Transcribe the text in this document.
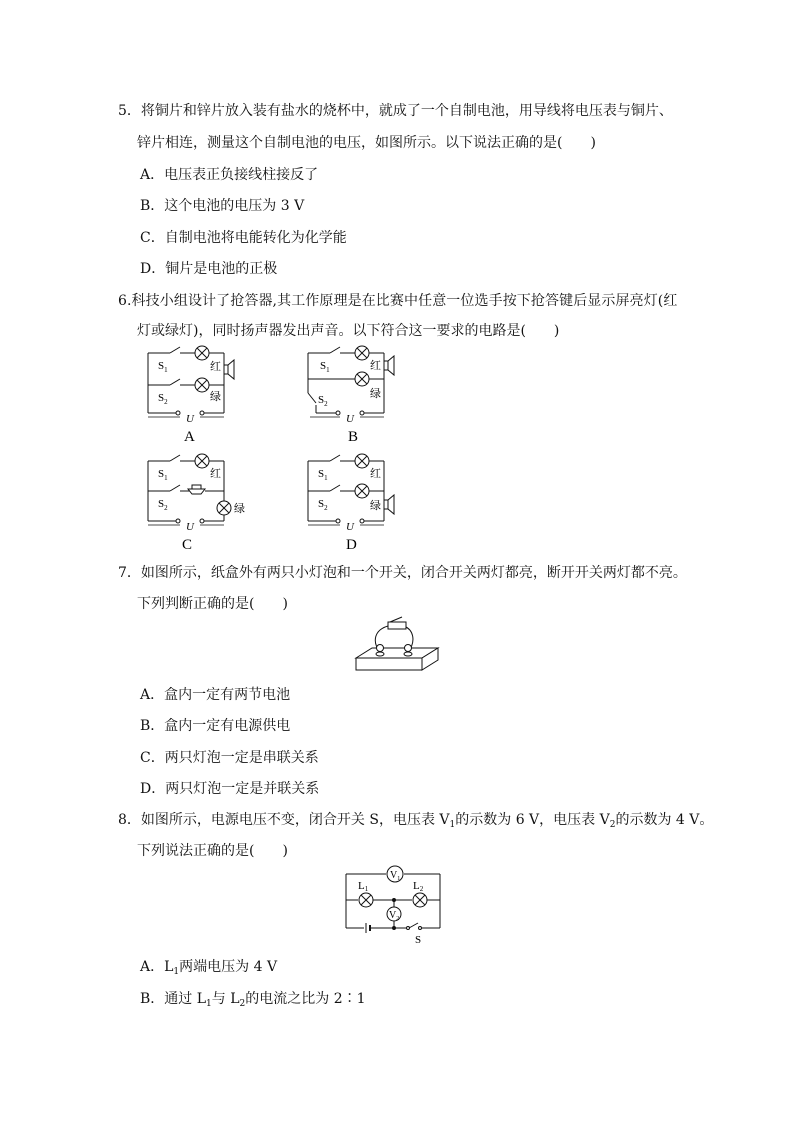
5．将铜片和锌片放入装有盐水的烧杯中，就成了一个自制电池，用导线将电压表与铜片、
锌片相连，测量这个自制电池的电压，如图所示。以下说法正确的是(　　)
A．电压表正负接线柱接反了
B．这个电池的电压为 3 V
C．自制电池将电能转化为化学能
D．铜片是电池的正极
6.科技小组设计了抢答器,其工作原理是在比赛中任意一位选手按下抢答键后显示屏亮灯(红
灯或绿灯)，同时扬声器发出声音。以下符合这一要求的电路是(　　)
$S_1$
$S_2$
红
绿
U
A
$S_1$
$S_2$
红
绿
U
B
$S_1$
$S_2$
红
绿
U
C
$S_1$
$S_2$
红
绿
U
D
7．如图所示，纸盒外有两只小灯泡和一个开关，闭合开关两灯都亮，断开开关两灯都不亮。
下列判断正确的是(　　)
A．盒内一定有两节电池
B．盒内一定有电源供电
C．两只灯泡一定是串联关系
D．两只灯泡一定是并联关系
8．如图所示，电源电压不变，闭合开关 S，电压表 $V_1$的示数为 6 V，电压表 $V_2$的示数为 4 V。
下列说法正确的是(　　)
$V_1$
$V_2$
L1	L2
S
A．$L_1$两端电压为 4 V
B．通过 $L_1$与 $L_2$的电流之比为 2∶1
